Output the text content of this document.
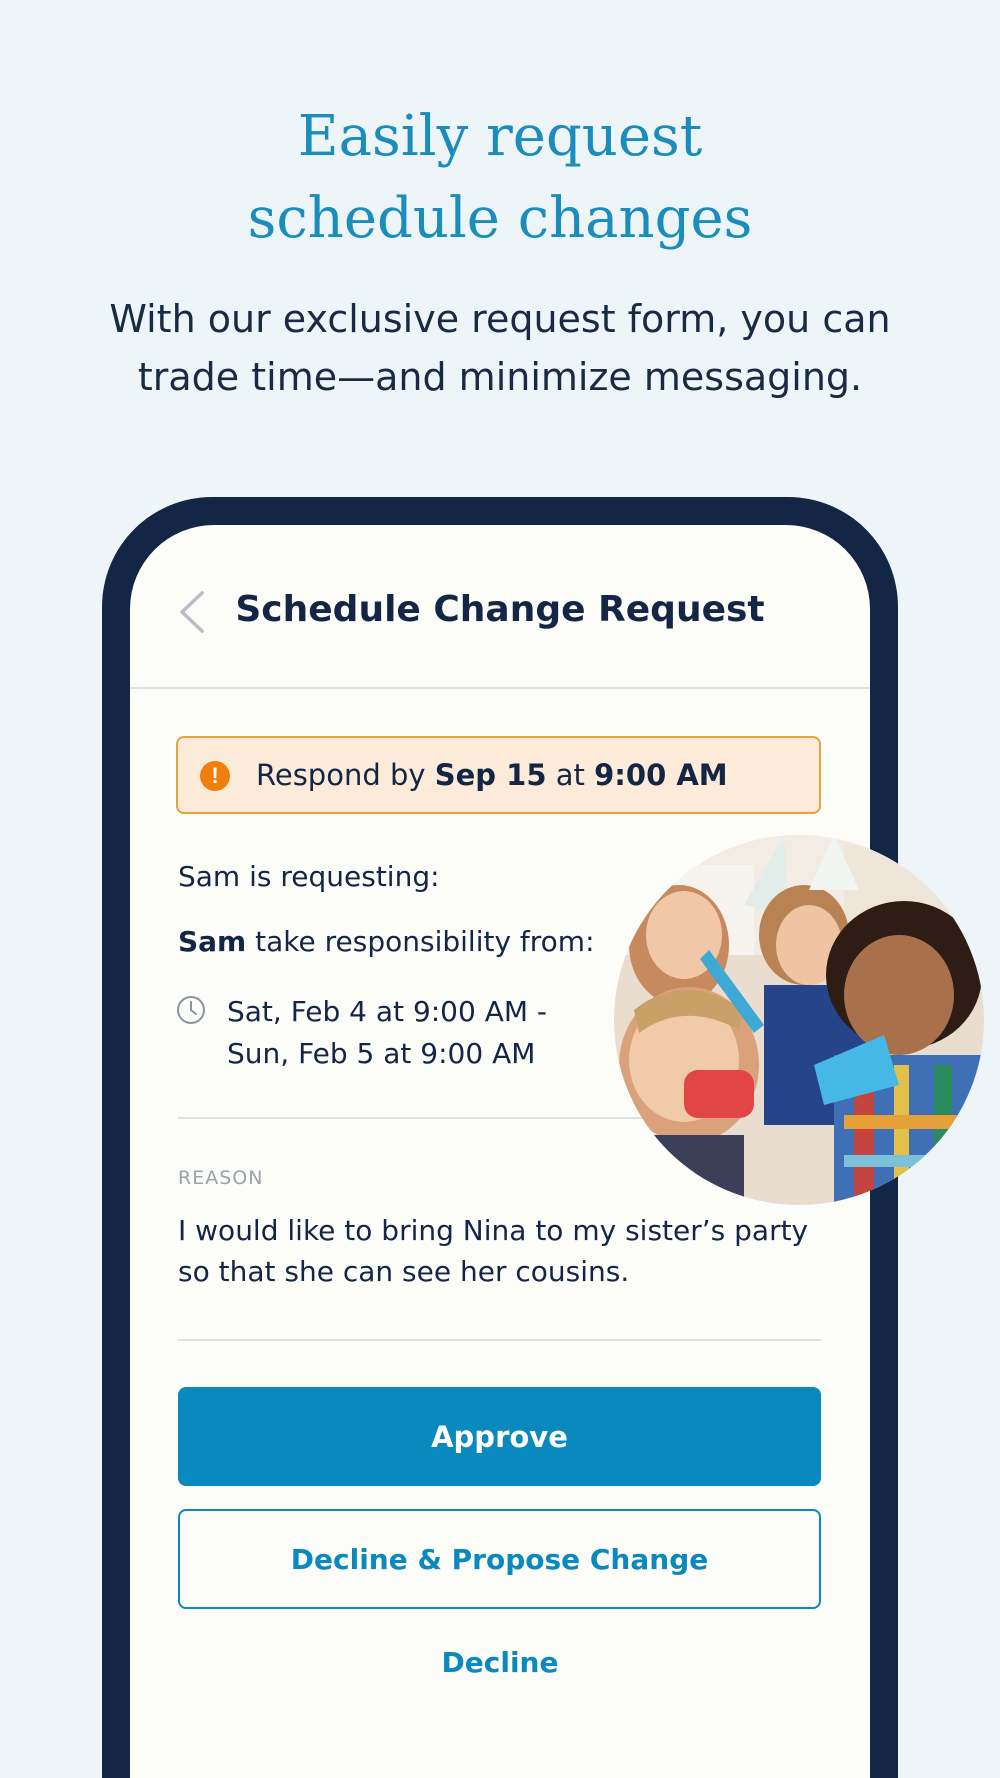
Easily request
schedule changes
With our exclusive request form, you can
trade time—and minimize messaging.
Schedule Change Request
!	Respond by Sep 15 at 9:00 AM
Sam is requesting:
Sam take responsibility from:
Sat, Feb 4 at 9:00 AM -
Sun, Feb 5 at 9:00 AM
REASON
I would like to bring Nina to my sister’s party so that she can see her cousins.
Approve
Decline & Propose Change
Decline
